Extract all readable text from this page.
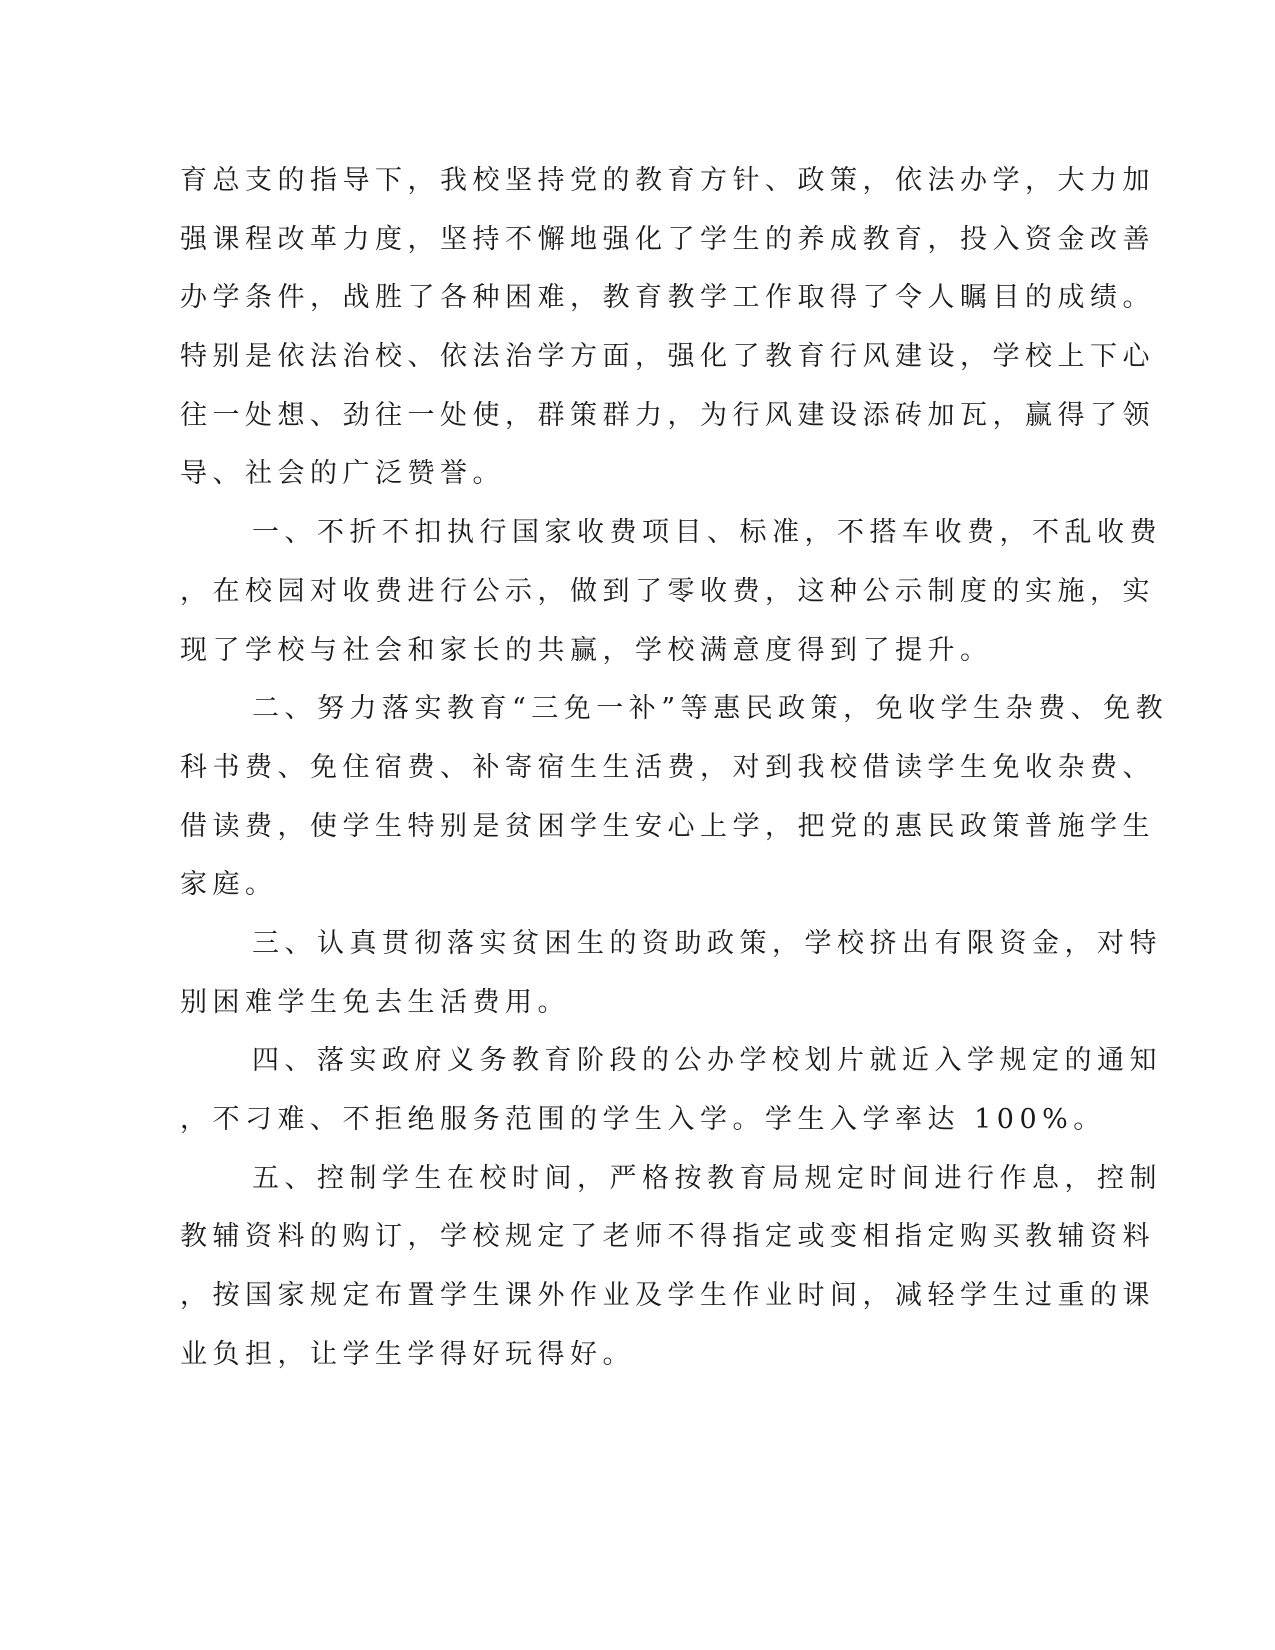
育总支的指导下，我校坚持党的教育方针、政策，依法办学，大力加
强课程改革力度，坚持不懈地强化了学生的养成教育，投入资金改善
办学条件，战胜了各种困难，教育教学工作取得了令人瞩目的成绩。
特别是依法治校、依法治学方面，强化了教育行风建设，学校上下心
往一处想、劲往一处使，群策群力，为行风建设添砖加瓦，赢得了领
导、社会的广泛赞誉。
一、不折不扣执行国家收费项目、标准，不搭车收费，不乱收费
，在校园对收费进行公示，做到了零收费，这种公示制度的实施，实
现了学校与社会和家长的共赢，学校满意度得到了提升。
二、努力落实教育“三免一补”等惠民政策，免收学生杂费、免教
科书费、免住宿费、补寄宿生生活费，对到我校借读学生免收杂费、
借读费，使学生特别是贫困学生安心上学，把党的惠民政策普施学生
家庭。
三、认真贯彻落实贫困生的资助政策，学校挤出有限资金，对特
别困难学生免去生活费用。
四、落实政府义务教育阶段的公办学校划片就近入学规定的通知
，不刁难、不拒绝服务范围的学生入学。学生入学率达 100%。
五、控制学生在校时间，严格按教育局规定时间进行作息，控制
教辅资料的购订，学校规定了老师不得指定或变相指定购买教辅资料
，按国家规定布置学生课外作业及学生作业时间，减轻学生过重的课
业负担，让学生学得好玩得好。
